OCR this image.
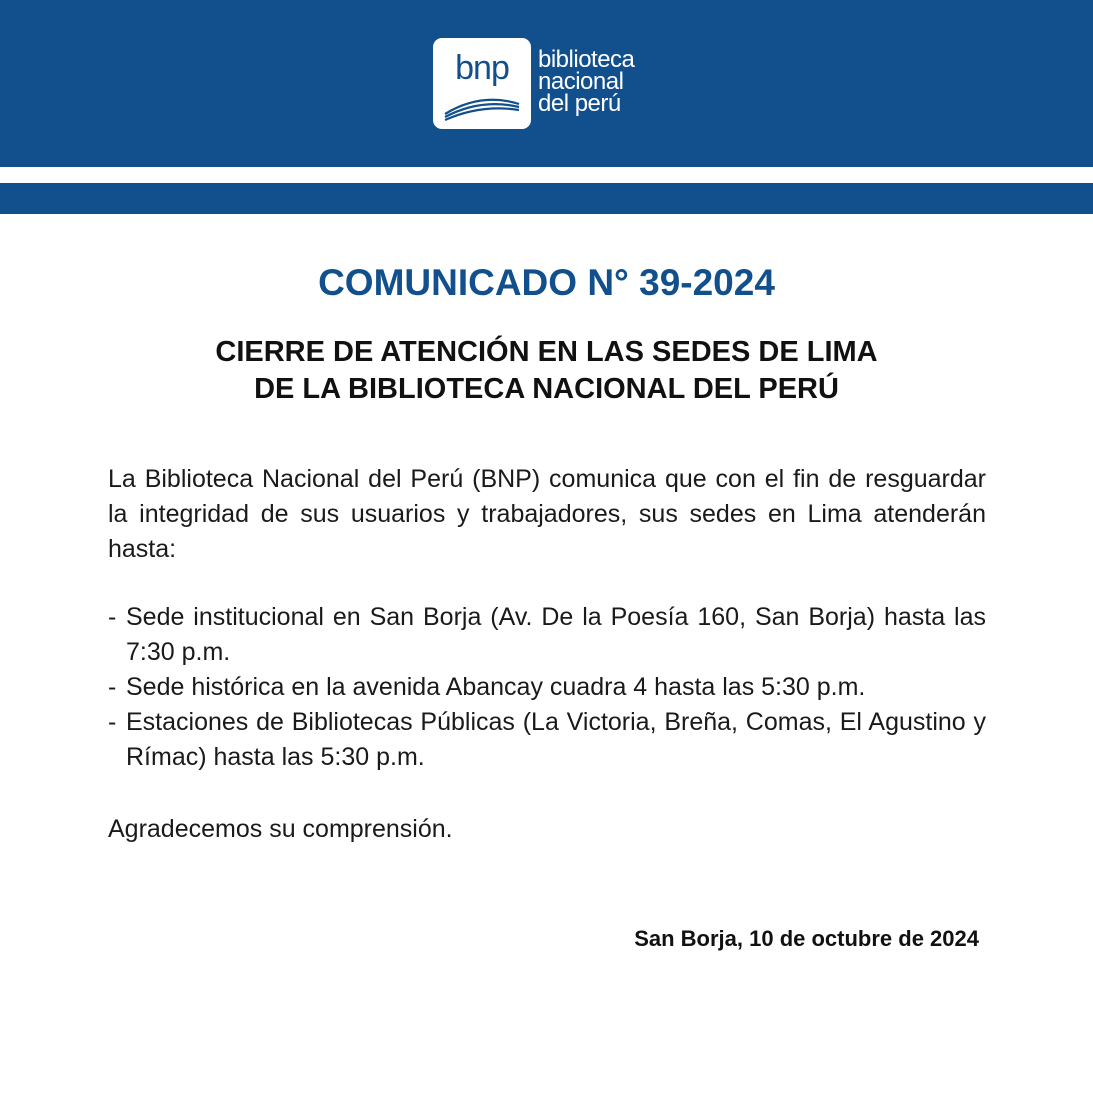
bnp	biblioteca
nacional
del perú
COMUNICADO N° 39-2024
CIERRE DE ATENCIÓN EN LAS SEDES DE LIMA
DE LA BIBLIOTECA NACIONAL DEL PERÚ
La Biblioteca Nacional del Perú (BNP) comunica que con el fin de resguardar la integridad de sus usuarios y trabajadores, sus sedes en Lima atenderán hasta:
- Sede institucional en San Borja (Av. De la Poesía 160, San Borja) hasta las 7:30 p.m.
- Sede histórica en la avenida Abancay cuadra 4 hasta las 5:30 p.m.
- Estaciones de Bibliotecas Públicas (La Victoria, Breña, Comas, El Agustino y Rímac) hasta las 5:30 p.m.
Agradecemos su comprensión.
San Borja, 10 de octubre de 2024
